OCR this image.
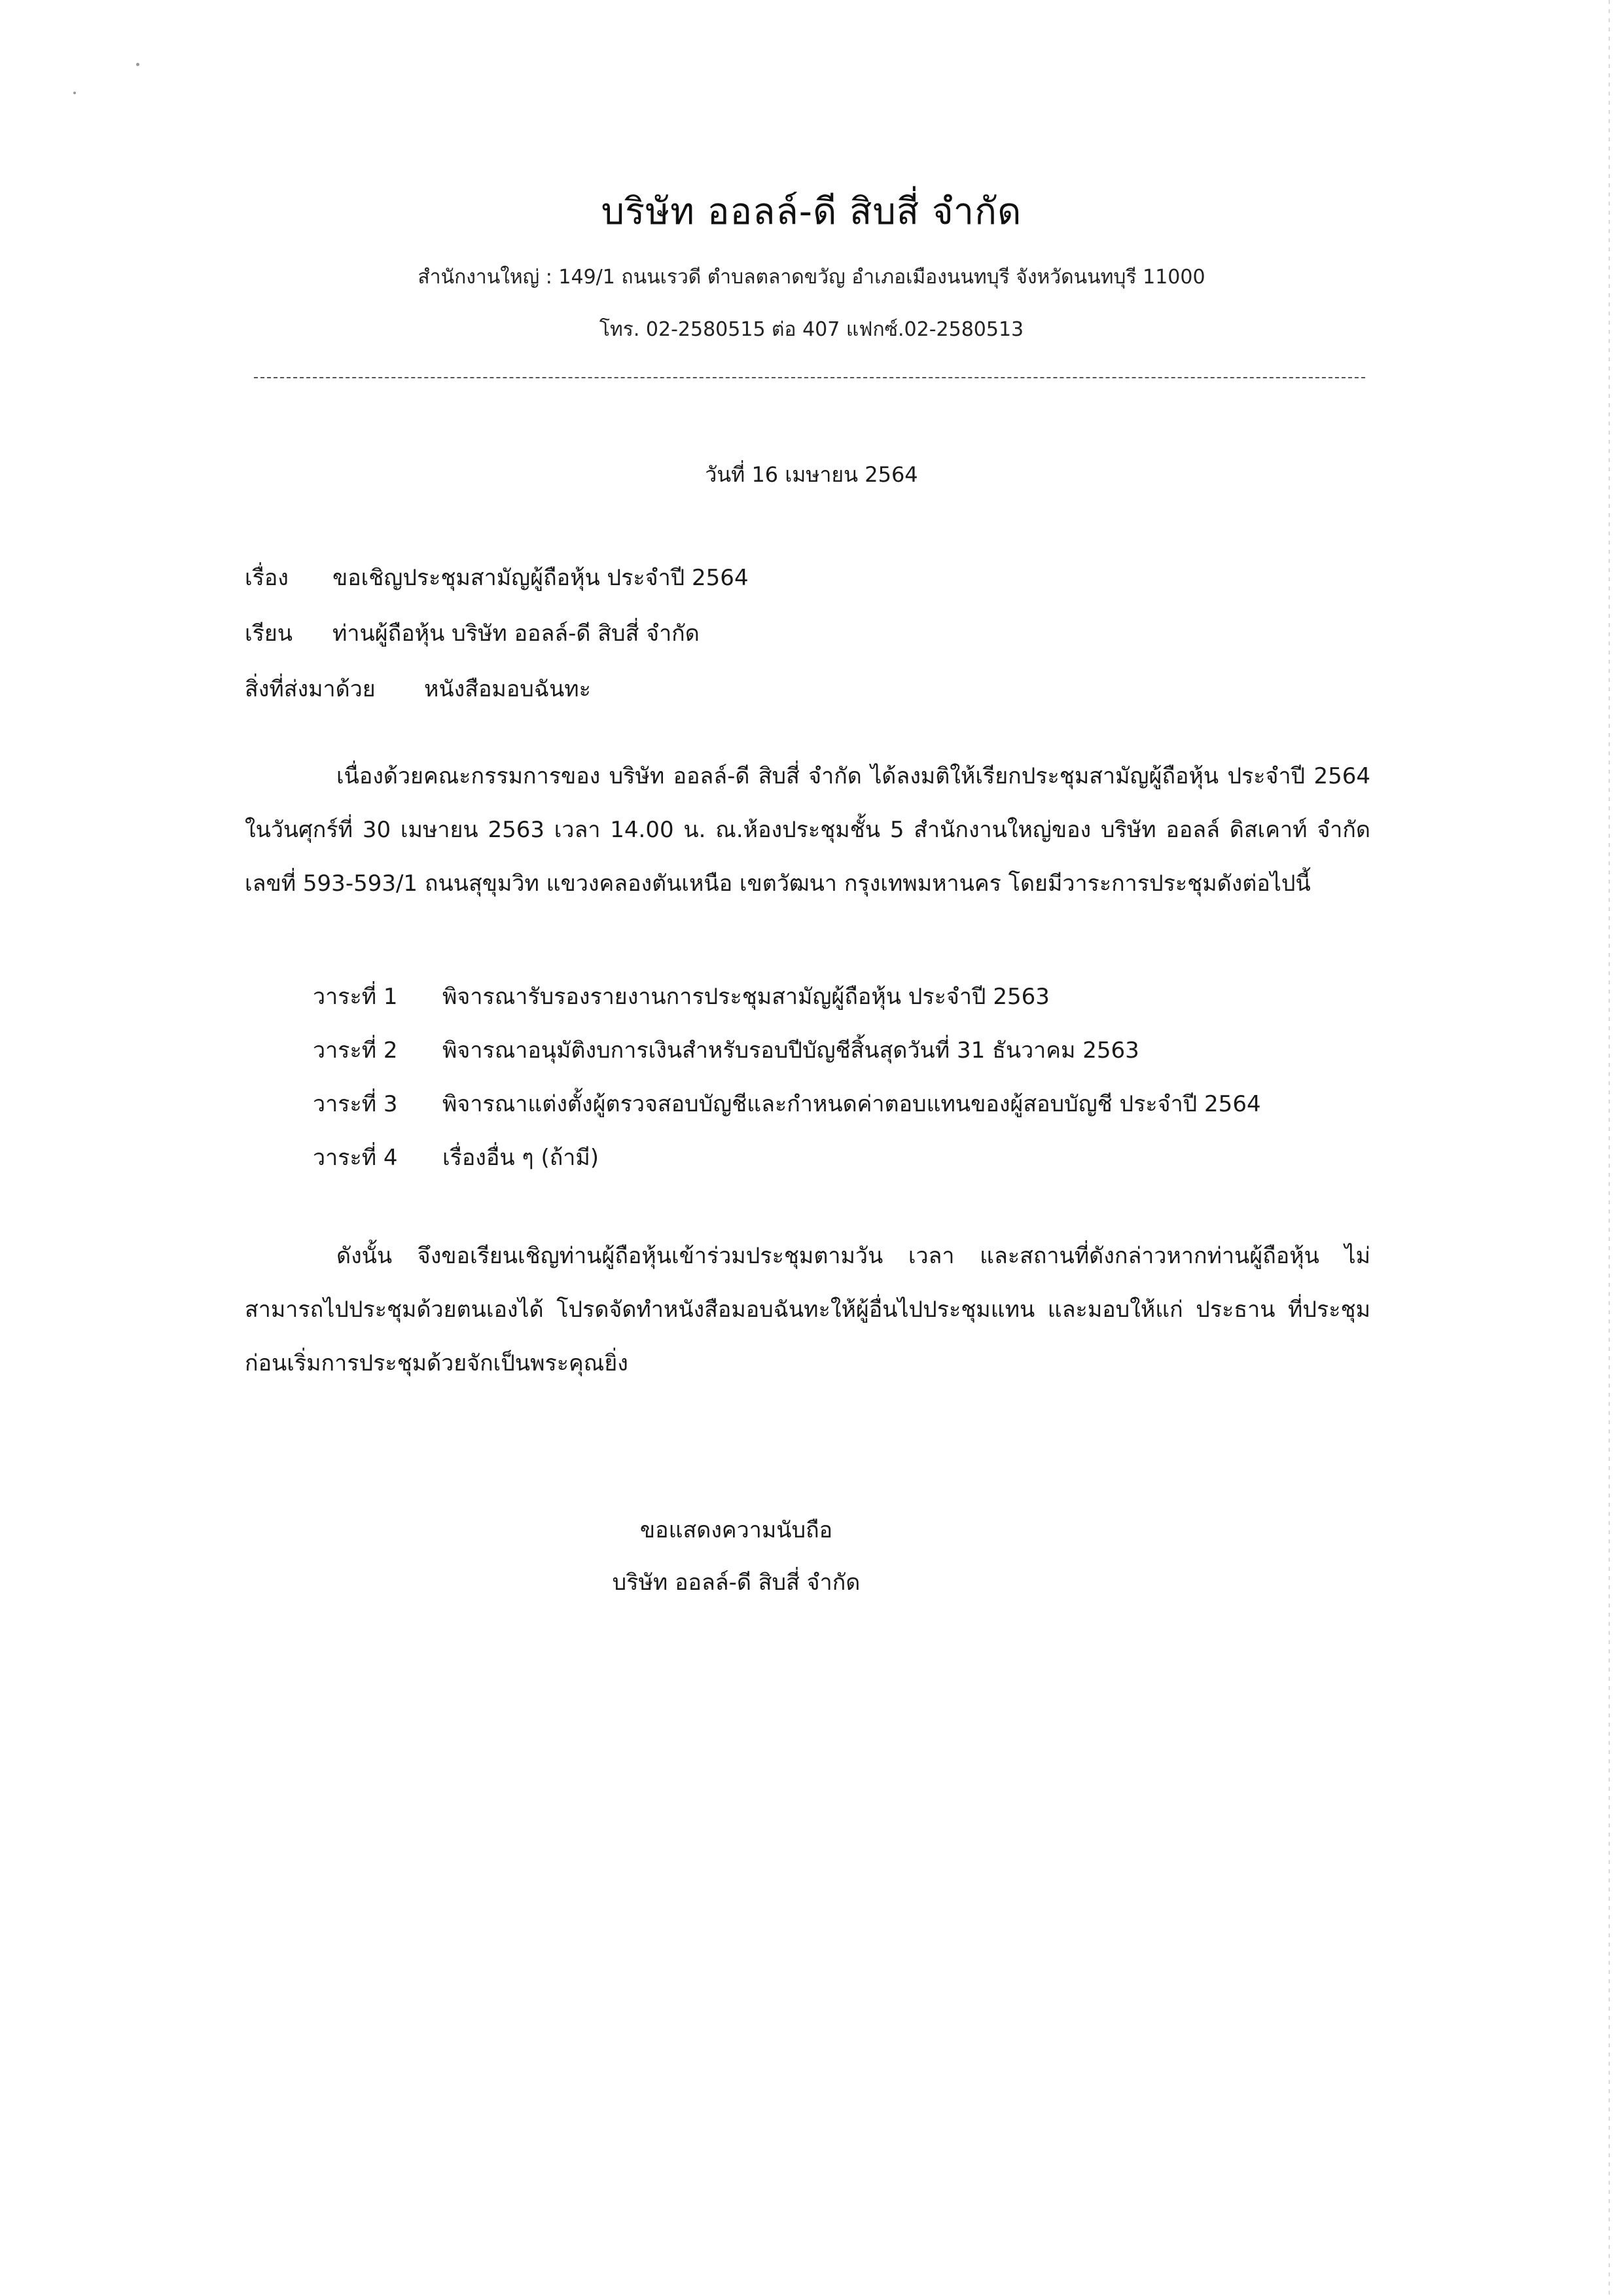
บริษัท ออลล์-ดี สิบสี่ จำกัด
สำนักงานใหญ่ : 149/1 ถนนเรวดี ตำบลตลาดขวัญ อำเภอเมืองนนทบุรี จังหวัดนนทบุรี 11000
โทร. 02-2580515 ต่อ 407 แฟกซ์.02-2580513
วันที่ 16 เมษายน 2564
เรื่อง ขอเชิญประชุมสามัญผู้ถือหุ้น ประจำปี 2564
เรียน ท่านผู้ถือหุ้น บริษัท ออลล์-ดี สิบสี่ จำกัด
สิ่งที่ส่งมาด้วย หนังสือมอบฉันทะ
เนื่องด้วยคณะกรรมการของ บริษัท ออลล์-ดี สิบสี่ จำกัด ได้ลงมติให้เรียกประชุมสามัญผู้ถือหุ้น ประจำปี 2564 ในวันศุกร์ที่ 30 เมษายน 2563 เวลา 14.00 น. ณ.ห้องประชุมชั้น 5 สำนักงานใหญ่ของ บริษัท ออลล์ ดิสเคาท์ จำกัด เลขที่ 593-593/1 ถนนสุขุมวิท แขวงคลองตันเหนือ เขตวัฒนา กรุงเทพมหานคร โดยมีวาระการประชุมดังต่อไปนี้
วาระที่ 1 พิจารณารับรองรายงานการประชุมสามัญผู้ถือหุ้น ประจำปี 2563
วาระที่ 2 พิจารณาอนุมัติงบการเงินสำหรับรอบปีบัญชีสิ้นสุดวันที่ 31 ธันวาคม 2563
วาระที่ 3 พิจารณาแต่งตั้งผู้ตรวจสอบบัญชีและกำหนดค่าตอบแทนของผู้สอบบัญชี ประจำปี 2564
วาระที่ 4 เรื่องอื่น ๆ (ถ้ามี)
ดังนั้น จึงขอเรียนเชิญท่านผู้ถือหุ้นเข้าร่วมประชุมตามวัน เวลา และสถานที่ดังกล่าวหากท่านผู้ถือหุ้น ไม่สามารถไปประชุมด้วยตนเองได้ โปรดจัดทำหนังสือมอบฉันทะให้ผู้อื่นไปประชุมแทน และมอบให้แก่ ประธาน ที่ประชุมก่อนเริ่มการประชุมด้วยจักเป็นพระคุณยิ่ง
ขอแสดงความนับถือ
บริษัท ออลล์-ดี สิบสี่ จำกัด
